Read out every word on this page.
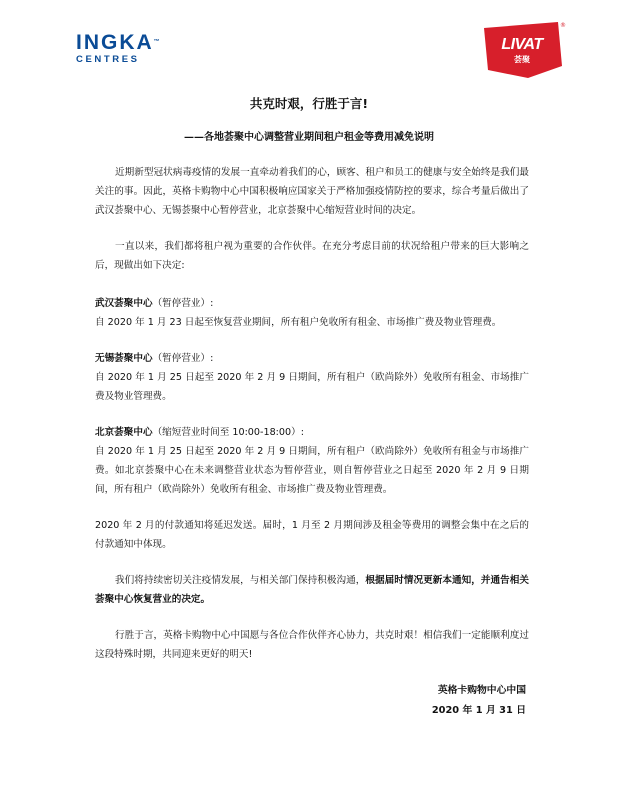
INGKA™
CENTRES
LIVAT
荟聚
®
共克时艰，行胜于言!
——各地荟聚中心调整营业期间租户租金等费用减免说明

近期新型冠状病毒疫情的发展一直牵动着我们的心，顾客、租户和员工的健康与安全始终是我们最关注的事。因此，英格卡购物中心中国积极响应国家关于严格加强疫情防控的要求，综合考量后做出了武汉荟聚中心、无锡荟聚中心暂停营业，北京荟聚中心缩短营业时间的决定。

一直以来，我们都将租户视为重要的合作伙伴。在充分考虑目前的状况给租户带来的巨大影响之后，现做出如下决定:

武汉荟聚中心（暂停营业）:

自 2020 年 1 月 23 日起至恢复营业期间，所有租户免收所有租金、市场推广费及物业管理费。

无锡荟聚中心（暂停营业）:

自 2020 年 1 月 25 日起至 2020 年 2 月 9 日期间，所有租户（欧尚除外）免收所有租金、市场推广费及物业管理费。

北京荟聚中心（缩短营业时间至 10:00-18:00）:

自 2020 年 1 月 25 日起至 2020 年 2 月 9 日期间，所有租户（欧尚除外）免收所有租金与市场推广费。如北京荟聚中心在未来调整营业状态为暂停营业，则自暂停营业之日起至 2020 年 2 月 9 日期间，所有租户（欧尚除外）免收所有租金、市场推广费及物业管理费。

2020 年 2 月的付款通知将延迟发送。届时，1 月至 2 月期间涉及租金等费用的调整会集中在之后的付款通知中体现。

我们将持续密切关注疫情发展，与相关部门保持积极沟通，根据届时情况更新本通知，并通告相关荟聚中心恢复营业的决定。

行胜于言，英格卡购物中心中国愿与各位合作伙伴齐心协力，共克时艰！相信我们一定能顺利度过这段特殊时期，共同迎来更好的明天!

英格卡购物中心中国
2020 年 1 月 31 日
